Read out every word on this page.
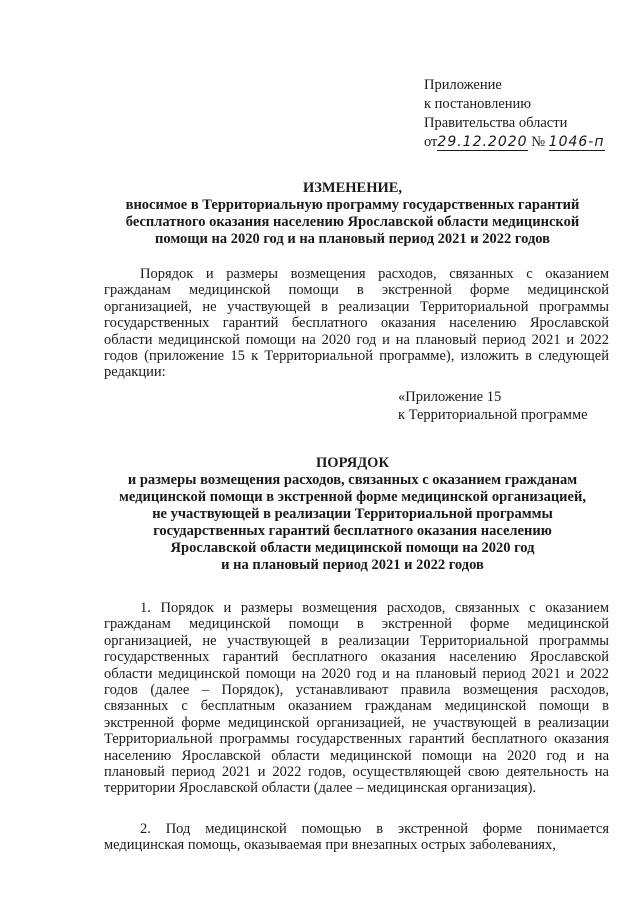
Приложение
к постановлению
Правительства области
от29.12.2020 № 1046-п
ИЗМЕНЕНИЕ,
вносимое в Территориальную программу государственных гарантий
бесплатного оказания населению Ярославской области медицинской
помощи на 2020 год и на плановый период 2021 и 2022 годов
Порядок и размеры возмещения расходов, связанных с оказанием гражданам медицинской помощи в экстренной форме медицинской организацией, не участвующей в реализации Территориальной программы государственных гарантий бесплатного оказания населению Ярославской области медицинской помощи на 2020 год и на плановый период 2021 и 2022 годов (приложение 15 к Территориальной программе), изложить в следующей редакции:
«Приложение 15
к Территориальной программе
ПОРЯДОК
и размеры возмещения расходов, связанных с оказанием гражданам
медицинской помощи в экстренной форме медицинской организацией,
не участвующей в реализации Территориальной программы
государственных гарантий бесплатного оказания населению
Ярославской области медицинской помощи на 2020 год
и на плановый период 2021 и 2022 годов
1. Порядок и размеры возмещения расходов, связанных с оказанием гражданам медицинской помощи в экстренной форме медицинской организацией, не участвующей в реализации Территориальной программы государственных гарантий бесплатного оказания населению Ярославской области медицинской помощи на 2020 год и на плановый период 2021 и 2022 годов (далее – Порядок), устанавливают правила возмещения расходов, связанных с бесплатным оказанием гражданам медицинской помощи в экстренной форме медицинской организацией, не участвующей в реализации Территориальной программы государственных гарантий бесплатного оказания населению Ярославской области медицинской помощи на 2020 год и на плановый период 2021 и 2022 годов, осуществляющей свою деятельность на территории Ярославской области (далее – медицинская организация).
2. Под медицинской помощью в экстренной форме понимается медицинская помощь, оказываемая при внезапных острых заболеваниях,
